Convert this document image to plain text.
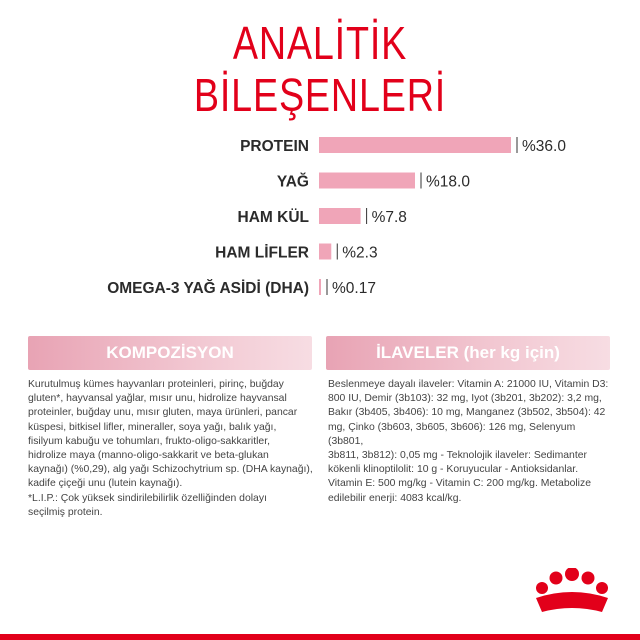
ANALİTİK
BİLEŞENLERİ
PROTEIN	%36.0
YAĞ	%18.0
HAM KÜL	%7.8
HAM LİFLER %2.3
OMEGA-3 YAĞ ASİDİ (DHA) %0.17
KOMPOZİSYON	İLAVELER (her kg için)
Kurutulmuş kümes hayvanları proteinleri, pirinç, buğday
gluten*, hayvansal yağlar, mısır unu, hidrolize hayvansal
proteinler, buğday unu, mısır gluten, maya ürünleri, pancar
küspesi, bitkisel lifler, mineraller, soya yağı, balık yağı,
fisilyum kabuğu ve tohumları, frukto-oligo-sakkaritler,
hidrolize maya (manno-oligo-sakkarit ve beta-glukan
kaynağı) (%0,29), alg yağı Schizochytrium sp. (DHA kaynağı),
kadife çiçeği unu (lutein kaynağı).
*L.I.P.: Çok yüksek sindirilebilirlik özelliğinden dolayı
seçilmiş protein.
Beslenmeye dayalı ilaveler: Vitamin A: 21000 IU, Vitamin D3:
800 IU, Demir (3b103): 32 mg, Iyot (3b201, 3b202): 3,2 mg,
Bakır (3b405, 3b406): 10 mg, Manganez (3b502, 3b504): 42
mg, Çinko (3b603, 3b605, 3b606): 126 mg, Selenyum (3b801,
3b811, 3b812): 0,05 mg - Teknolojik ilaveler: Sedimanter
kökenli klinoptilolit: 10 g - Koruyucular - Antioksidanlar.
Vitamin E: 500 mg/kg - Vitamin C: 200 mg/kg. Metabolize
edilebilir enerji: 4083 kcal/kg.
